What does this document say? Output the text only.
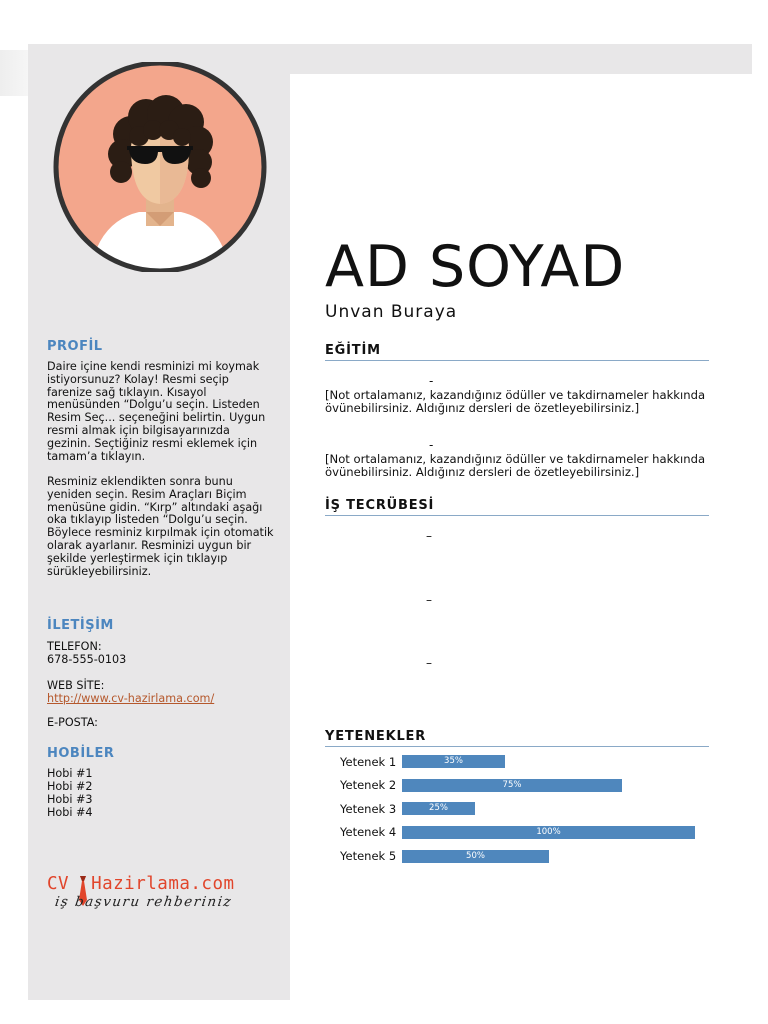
PROFİL
Daire içine kendi resminizi mi koymak istiyorsunuz? Kolay! Resmi seçip farenize sağ tıklayın. Kısayol menüsünden “Dolgu’u seçin. Listeden Resim Seç... seçeneğini belirtin. Uygun resmi almak için bilgisayarınızda gezinin. Seçtiğiniz resmi eklemek için tamam’a tıklayın.
Resminiz eklendikten sonra bunu yeniden seçin. Resim Araçları Biçim menüsüne gidin. “Kırp” altındaki aşağı oka tıklayıp listeden “Dolgu’u seçin. Böylece resminiz kırpılmak için otomatik olarak ayarlanır. Resminizi uygun bir şekilde yerleştirmek için tıklayıp sürükleyebilirsiniz.
İLETİŞİM
TELEFON:
678-555-0103
WEB SİTE:
http://www.cv-hazirlama.com/
E-POSTA:
HOBİLER
Hobi #1
Hobi #2
Hobi #3
Hobi #4
CV Hazirlama.com
iş başvuru rehberiniz
AD SOYAD
Unvan Buraya
EĞİTİM
-
[Not ortalamanız, kazandığınız ödüller ve takdirnameler hakkında övünebilirsiniz. Aldığınız dersleri de özetleyebilirsiniz.]
-
[Not ortalamanız, kazandığınız ödüller ve takdirnameler hakkında övünebilirsiniz. Aldığınız dersleri de özetleyebilirsiniz.]
İŞ TECRÜBESİ
–
–
–
YETENEKLER
Yetenek 1	35%
Yetenek 2	75%
Yetenek 3	25%
Yetenek 4	100%
Yetenek 5	50%
